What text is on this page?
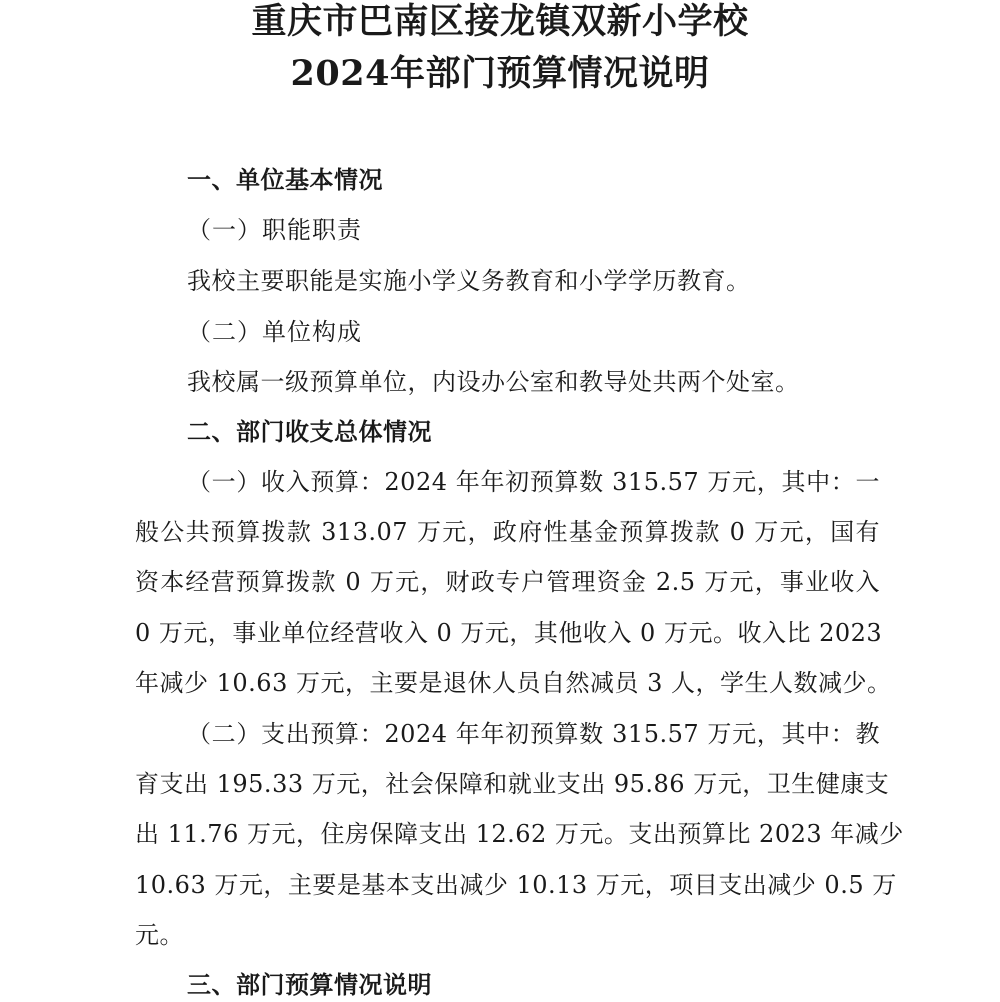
重庆市巴南区接龙镇双新小学校
2024年部门预算情况说明
一、单位基本情况
（一）职能职责
我校主要职能是实施小学义务教育和小学学历教育。
（二）单位构成
我校属一级预算单位，内设办公室和教导处共两个处室。
二、部门收支总体情况
（一）收入预算：2024 年年初预算数 315.57 万元，其中：一
般公共预算拨款 313.07 万元，政府性基金预算拨款 0 万元，国有
资本经营预算拨款 0 万元，财政专户管理资金 2.5 万元，事业收入
0 万元，事业单位经营收入 0 万元，其他收入 0 万元。收入比 2023
年减少 10.63 万元，主要是退休人员自然减员 3 人，学生人数减少。
（二）支出预算：2024 年年初预算数 315.57 万元，其中：教
育支出 195.33 万元，社会保障和就业支出 95.86 万元，卫生健康支
出 11.76 万元，住房保障支出 12.62 万元。支出预算比 2023 年减少
10.63 万元，主要是基本支出减少 10.13 万元，项目支出减少 0.5 万
元。
三、部门预算情况说明
